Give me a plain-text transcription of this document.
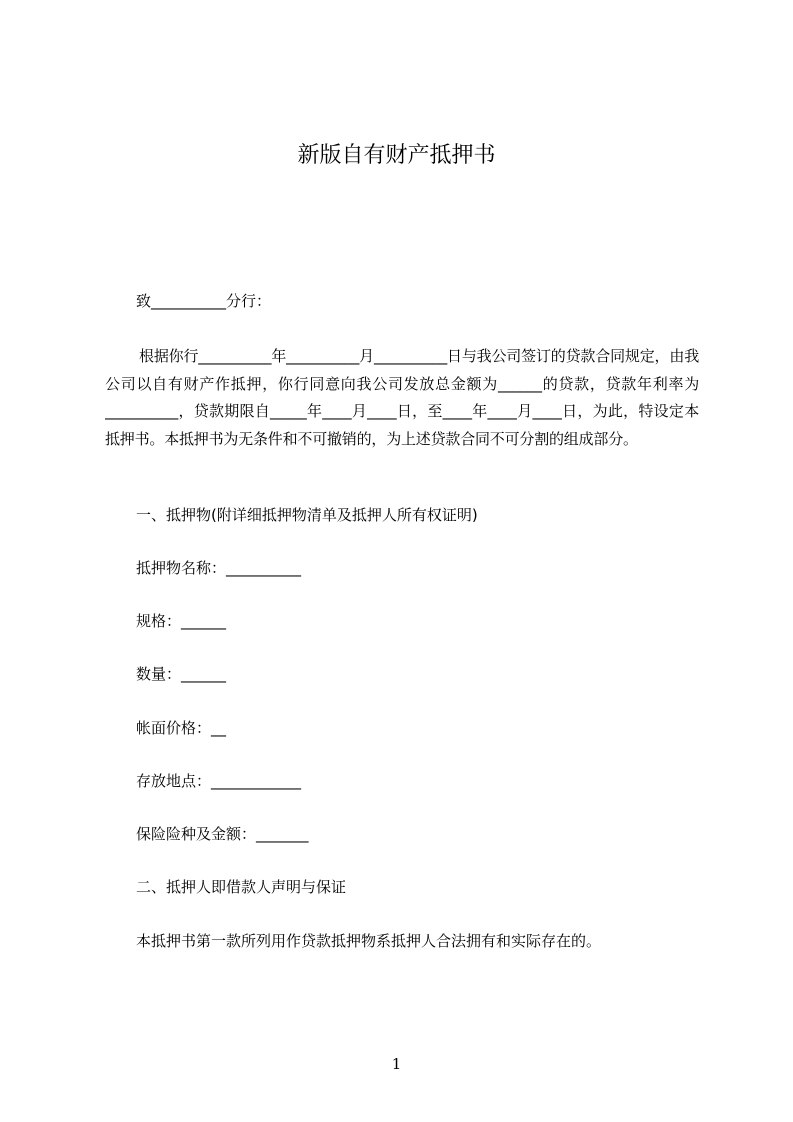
新版自有财产抵押书
致__________分行：
根据你行__________年__________月__________日与我公司签订的贷款合同规定，由我公司以自有财产作抵押，你行同意向我公司发放总金额为______的贷款，贷款年利率为__________，贷款期限自_____年____月____日，至____年____月____日，为此，特设定本抵押书。本抵押书为无条件和不可撤销的，为上述贷款合同不可分割的组成部分。
一、抵押物(附详细抵押物清单及抵押人所有权证明)
抵押物名称：__________
规格：______
数量：______
帐面价格：__
存放地点：____________
保险险种及金额：_______
二、抵押人即借款人声明与保证
本抵押书第一款所列用作贷款抵押物系抵押人合法拥有和实际存在的。
1
